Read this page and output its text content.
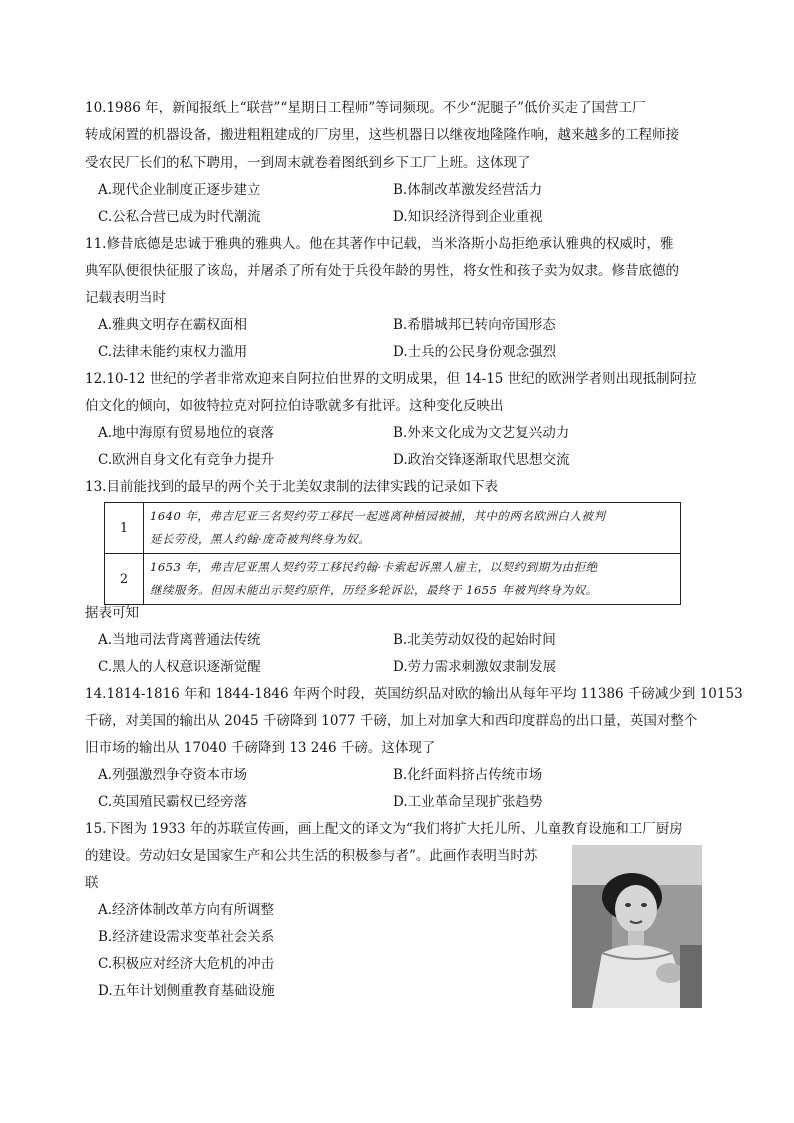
10.1986 年，新闻报纸上“联营”“星期日工程师”等词频现。不少“泥腿子”低价买走了国营工厂
转成闲置的机器设备，搬进粗粗建成的厂房里，这些机器日以继夜地隆隆作响，越来越多的工程师接
受农民厂长们的私下聘用，一到周末就卷着图纸到乡下工厂上班。这体现了
A.现代企业制度正逐步建立	B.体制改革激发经营活力
C.公私合营已成为时代潮流	D.知识经济得到企业重视
11.修昔底德是忠诚于雅典的雅典人。他在其著作中记载，当米洛斯小岛拒绝承认雅典的权威时，雅
典军队便很快征服了该岛，并屠杀了所有处于兵役年龄的男性，将女性和孩子卖为奴隶。修昔底德的
记载表明当时
A.雅典文明存在霸权面相	B.希腊城邦已转向帝国形态
C.法律未能约束权力滥用	D.士兵的公民身份观念强烈
12.10-12 世纪的学者非常欢迎来自阿拉伯世界的文明成果，但 14-15 世纪的欧洲学者则出现抵制阿拉
伯文化的倾向，如彼特拉克对阿拉伯诗歌就多有批评。这种变化反映出
A.地中海原有贸易地位的衰落	B.外来文化成为文艺复兴动力
C.欧洲自身文化有竞争力提升	D.政治交锋逐渐取代思想交流
13.目前能找到的最早的两个关于北美奴隶制的法律实践的记录如下表
1	1640 年，弗吉尼亚三名契约劳工移民一起逃离种植园被捕，其中的两名欧洲白人被判
延长劳役，黑人约翰·庞奇被判终身为奴。

2	1653 年，弗吉尼亚黑人契约劳工移民约翰·卡索起诉黑人雇主，以契约到期为由拒绝
继续服务。但因未能出示契约原件，历经多轮诉讼，最终于 1655 年被判终身为奴。
据表可知
A.当地司法背离普通法传统	B.北美劳动奴役的起始时间
C.黑人的人权意识逐渐觉醒	D.劳力需求刺激奴隶制发展
14.1814-1816 年和 1844-1846 年两个时段，英国纺织品对欧的输出从每年平均 11386 千磅减少到 10153
千磅，对美国的输出从 2045 千磅降到 1077 千磅，加上对加拿大和西印度群岛的出口量，英国对整个
旧市场的输出从 17040 千磅降到 13 246 千磅。这体现了
A.列强激烈争夺资本市场	B.化纤面料挤占传统市场
C.英国殖民霸权已经旁落	D.工业革命呈现扩张趋势
15.下图为 1933 年的苏联宣传画，画上配文的译文为“我们将扩大托儿所、儿童教育设施和工厂厨房
的建设。劳动妇女是国家生产和公共生活的积极参与者”。此画作表明当时苏
联
A.经济体制改革方向有所调整
B.经济建设需求变革社会关系
C.积极应对经济大危机的冲击
D.五年计划侧重教育基础设施
